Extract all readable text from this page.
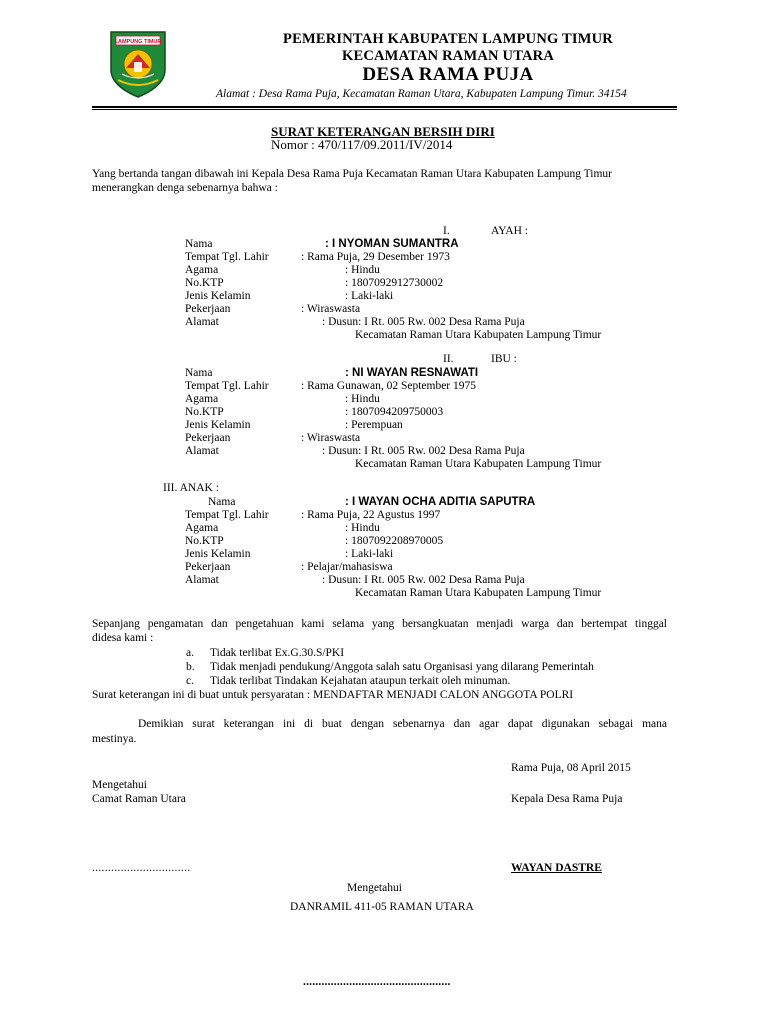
LAMPUNG TIMUR	PEMERINTAH KABUPATEN LAMPUNG TIMUR
KECAMATAN RAMAN UTARA
DESA RAMA PUJA
Alamat : Desa Rama Puja, Kecamatan Raman Utara, Kabupaten Lampung Timur. 34154
SURAT KETERANGAN BERSIH DIRI
Nomor : 470/117/09.2011/IV/2014
Yang bertanda tangan dibawah ini Kepala Desa Rama Puja Kecamatan Raman Utara Kabupaten Lampung Timur
menerangkan denga sebenarnya bahwa :
I.	AYAH :
Nama	: I NYOMAN SUMANTRA
Tempat Tgl. Lahir	: Rama Puja, 29 Desember 1973
Agama	: Hindu
No.KTP	: 1807092912730002
Jenis Kelamin	: Laki-laki
Pekerjaan	: Wiraswasta
Alamat	: Dusun: I Rt. 005 Rw. 002 Desa Rama Puja
Kecamatan Raman Utara Kabupaten Lampung Timur
II.	IBU :
Nama	: NI WAYAN RESNAWATI
Tempat Tgl. Lahir	: Rama Gunawan, 02 September 1975
Agama	: Hindu
No.KTP	: 1807094209750003
Jenis Kelamin	: Perempuan
Pekerjaan	: Wiraswasta
Alamat	: Dusun: I Rt. 005 Rw. 002 Desa Rama Puja
Kecamatan Raman Utara Kabupaten Lampung Timur
III. ANAK :
Nama	: I WAYAN OCHA ADITIA SAPUTRA
Tempat Tgl. Lahir	: Rama Puja, 22 Agustus 1997
Agama	: Hindu
No.KTP	: 1807092208970005
Jenis Kelamin	: Laki-laki
Pekerjaan	: Pelajar/mahasiswa
Alamat	: Dusun: I Rt. 005 Rw. 002 Desa Rama Puja
Kecamatan Raman Utara Kabupaten Lampung Timur
Sepanjang pengamatan dan pengetahuan kami selama yang bersangkuatan menjadi warga dan bertempat tinggal
didesa kami :
a. Tidak terlibat Ex.G.30.S/PKI
b. Tidak menjadi pendukung/Anggota salah satu Organisasi yang dilarang Pemerintah
c. Tidak terlibat Tindakan Kejahatan ataupun terkait oleh minuman.
Surat keterangan ini di buat untuk persyaratan : MENDAFTAR MENJADI CALON ANGGOTA POLRI
Demikian surat keterangan ini di buat dengan sebenarnya dan agar dapat digunakan sebagai mana
mestinya.
Rama Puja, 08 April 2015
Mengetahui
Camat Raman Utara	Kepala Desa Rama Puja
...............................	WAYAN DASTRE
Mengetahui
DANRAMIL 411-05 RAMAN UTARA
................................................
